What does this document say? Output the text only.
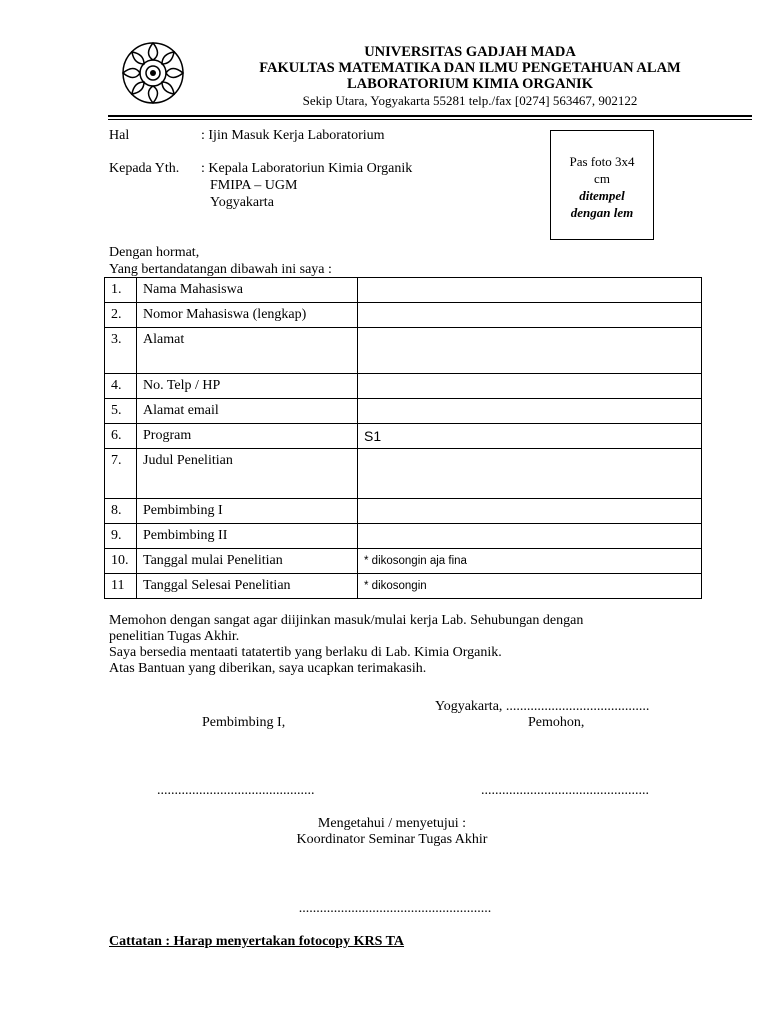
UNIVERSITAS GADJAH MADA
FAKULTAS MATEMATIKA DAN ILMU PENGETAHUAN ALAM
LABORATORIUM KIMIA ORGANIK
Sekip Utara, Yogyakarta 55281 telp./fax [0274] 563467, 902122
Hal	: Ijin Masuk Kerja Laboratorium
Kepada Yth. : Kepala Laboratoriun Kimia Organik
FMIPA – UGM
Yogyakarta
Pas foto 3x4
cm
ditempel
dengan lem
Dengan hormat,
Yang bertandatangan dibawah ini saya :
1.	Nama Mahasiswa	
2.	Nomor Mahasiswa (lengkap)	
3.	Alamat	
4.	No. Telp / HP	
5.	Alamat email	
6.	Program	S1
7.	Judul Penelitian	
8.	Pembimbing I	
9.	Pembimbing II	
10.	Tanggal mulai Penelitian	* dikosongin aja fina
11	Tanggal Selesai Penelitian	* dikosongin
Memohon dengan sangat agar diijinkan masuk/mulai kerja Lab. Sehubungan dengan
penelitian Tugas Akhir.
Saya bersedia mentaati tatatertib yang berlaku di Lab. Kimia Organik.
Atas Bantuan yang diberikan, saya ucapkan terimakasih.
Yogyakarta, .........................................
Pembimbing I,	Pemohon,
.............................................	................................................
Mengetahui / menyetujui :
Koordinator Seminar Tugas Akhir
.......................................................
Cattatan : Harap menyertakan fotocopy KRS TA
